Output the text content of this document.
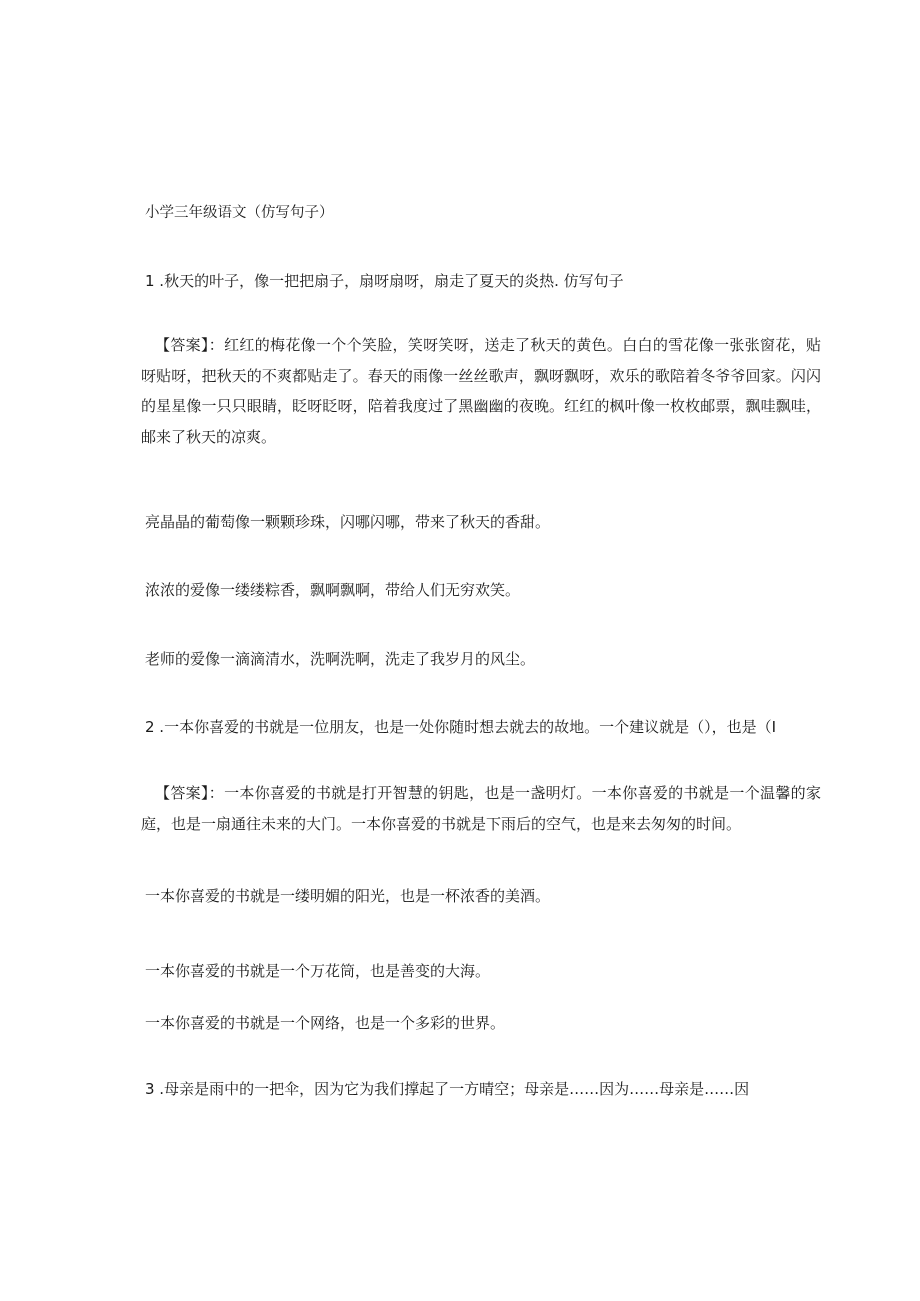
小学三年级语文（仿写句子）

1 .秋天的叶子，像一把把扇子，扇呀扇呀，扇走了夏天的炎热. 仿写句子

【答案】：红红的梅花像一个个笑脸，笑呀笑呀，送走了秋天的黄色。白白的雪花像一张张窗花，贴呀贴呀，把秋天的不爽都贴走了。春天的雨像一丝丝歌声，飘呀飘呀，欢乐的歌陪着冬爷爷回家。闪闪的星星像一只只眼睛，眨呀眨呀，陪着我度过了黑幽幽的夜晚。红红的枫叶像一枚枚邮票，飘哇飘哇，邮来了秋天的凉爽。

亮晶晶的葡萄像一颗颗珍珠，闪哪闪哪，带来了秋天的香甜。

浓浓的爱像一缕缕粽香，飘啊飘啊，带给人们无穷欢笑。

老师的爱像一滴滴清水，洗啊洗啊，洗走了我岁月的风尘。

2 .一本你喜爱的书就是一位朋友，也是一处你随时想去就去的故地。一个建议就是（），也是（I

【答案】：一本你喜爱的书就是打开智慧的钥匙，也是一盏明灯。一本你喜爱的书就是一个温馨的家庭，也是一扇通往未来的大门。一本你喜爱的书就是下雨后的空气，也是来去匆匆的时间。

一本你喜爱的书就是一缕明媚的阳光，也是一杯浓香的美酒。

一本你喜爱的书就是一个万花筒，也是善变的大海。

一本你喜爱的书就是一个网络，也是一个多彩的世界。

3 .母亲是雨中的一把伞，因为它为我们撑起了一方晴空；母亲是……因为……母亲是……因
